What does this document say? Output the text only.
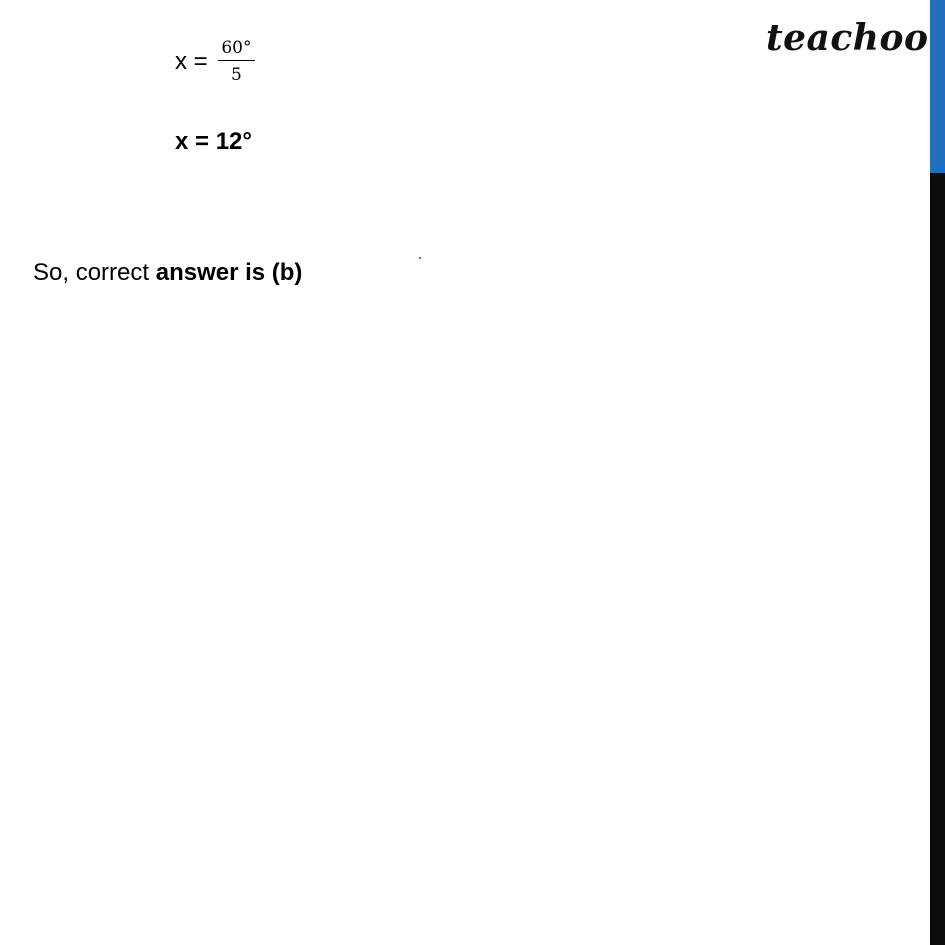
teachoo
$x = \frac{60^\circ}{5}$
x = 12°
So, correct answer is (b)
